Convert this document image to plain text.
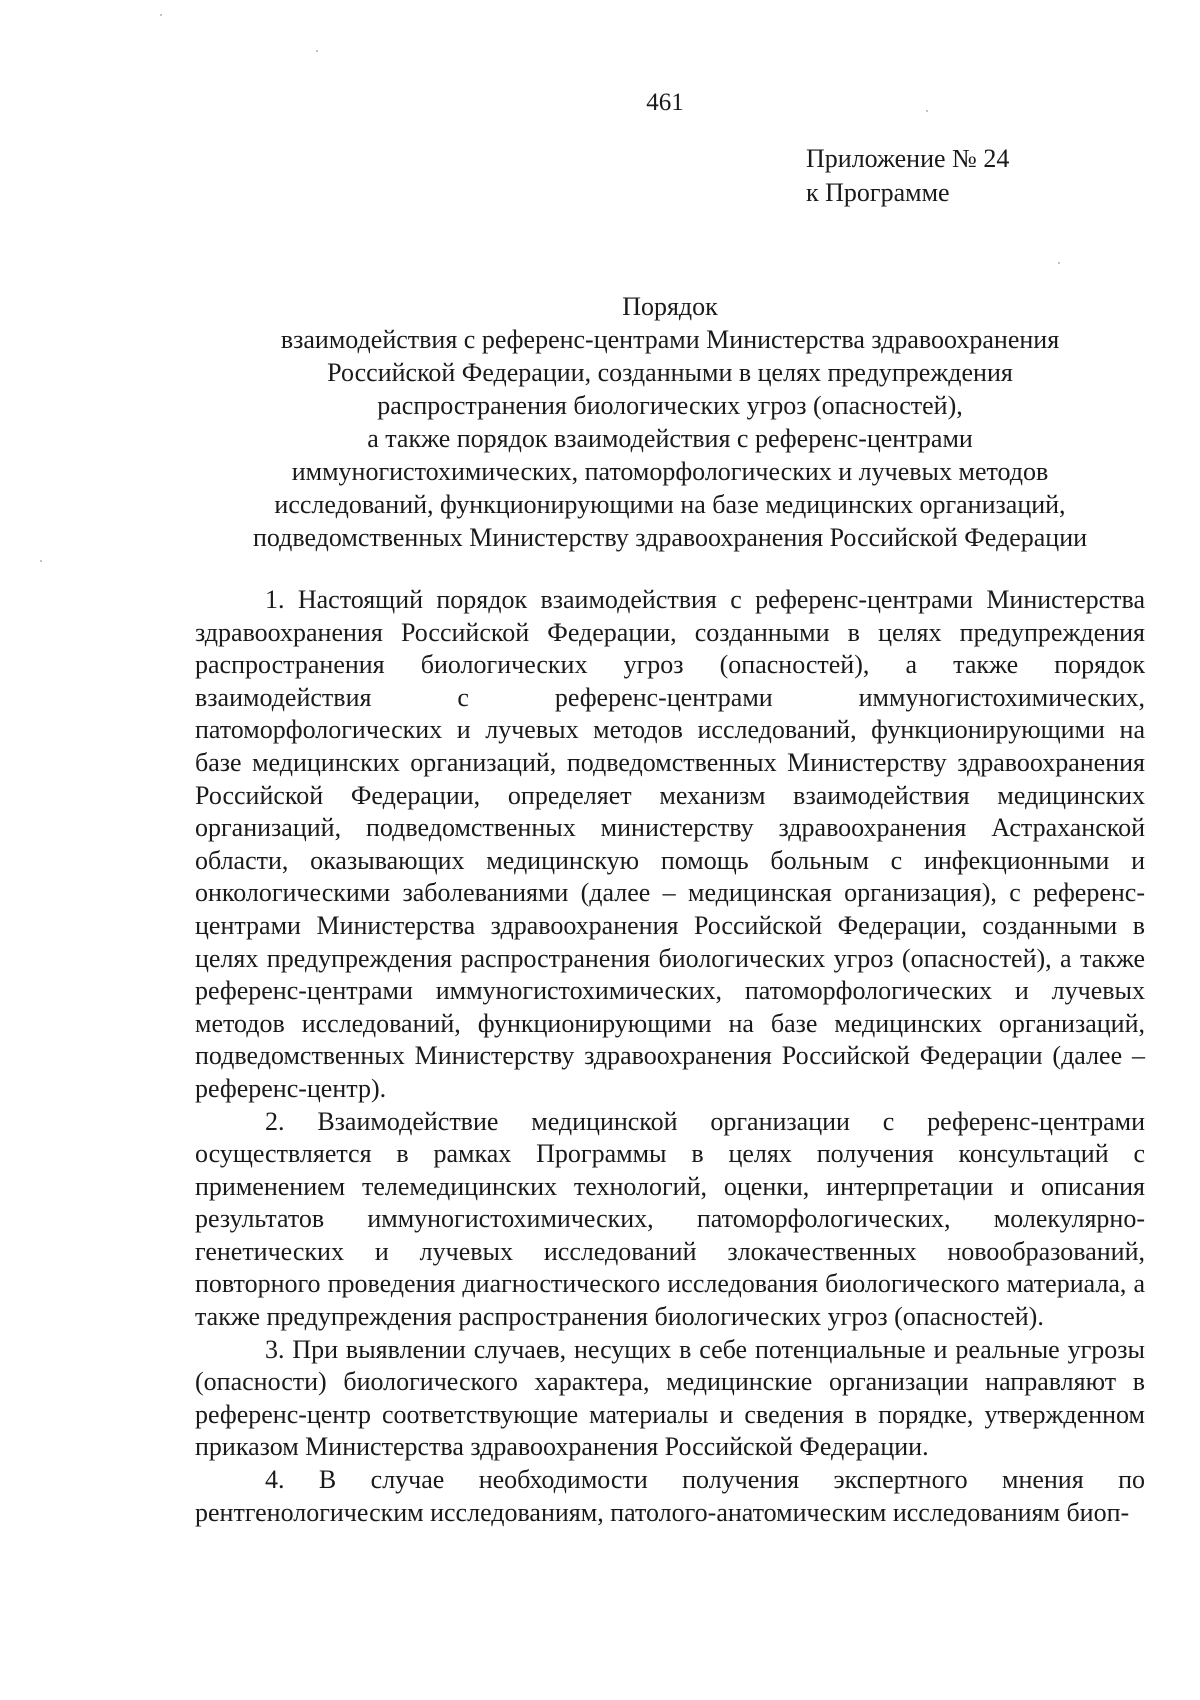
461
Приложение № 24
к Программе
Порядок
взаимодействия с референс-центрами Министерства здравоохранения
Российской Федерации, созданными в целях предупреждения
распространения биологических угроз (опасностей),
а также порядок взаимодействия с референс-центрами
иммуногистохимических, патоморфологических и лучевых методов
исследований, функционирующими на базе медицинских организаций,
подведомственных Министерству здравоохранения Российской Федерации

1. Настоящий порядок взаимодействия с референс-центрами Министерства здравоохранения Российской Федерации, созданными в целях предупреждения распространения биологических угроз (опасностей), а также порядок взаимодействия с референс-центрами иммуногистохимических, патоморфологических и лучевых методов исследований, функционирующими на базе медицинских организаций, подведомственных Министерству здравоохранения Российской Федерации, определяет механизм взаимодействия медицинских организаций, подведомственных министерству здравоохранения Астраханской области, оказывающих медицинскую помощь больным с инфекционными и онкологическими заболеваниями (далее – медицинская организация), с референс-центрами Министерства здравоохранения Российской Федерации, созданными в целях предупреждения распространения биологических угроз (опасностей), а также референс-центрами иммуногистохимических, патоморфологических и лучевых методов исследований, функционирующими на базе медицинских организаций, подведомственных Министерству здравоохранения Российской Федерации (далее – референс-центр).

2. Взаимодействие медицинской организации с референс-центрами осуществляется в рамках Программы в целях получения консультаций с применением телемедицинских технологий, оценки, интерпретации и описания результатов иммуногистохимических, патоморфологических, молекулярно-генетических и лучевых исследований злокачественных новообразований, повторного проведения диагностического исследования биологического материала, а также предупреждения распространения биологических угроз (опасностей).

3. При выявлении случаев, несущих в себе потенциальные и реальные угрозы (опасности) биологического характера, медицинские организации направляют в референс-центр соответствующие материалы и сведения в порядке, утвержденном приказом Министерства здравоохранения Российской Федерации.

4. В случае необходимости получения экспертного мнения по рентгенологическим исследованиям, патолого-анатомическим исследованиям биоп-
